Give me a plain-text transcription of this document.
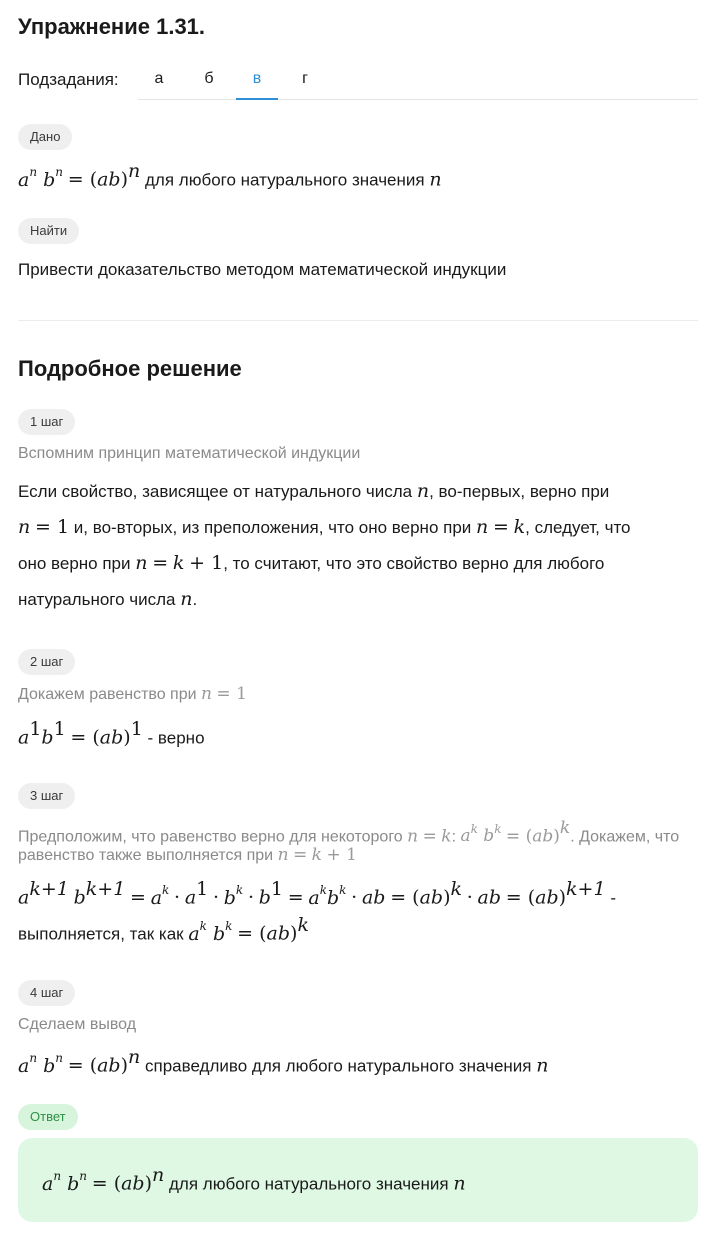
Упражнение 1.31.
Подзадания:	а	б	в	г
Дано
$a^n$ $b^n = (ab)^n$ для любого натурального значения n
Найти
Привести доказательство методом математической индукции
Подробное решение
1 шаг
Вспомним принцип математической индукции
Если свойство, зависящее от натурального числа n, во-первых, верно при
n = 1 и, во-вторых, из преположения, что оно верно при n = k, следует, что
оно верно при n = k + 1, то считают, что это свойство верно для любого
натурального числа n.
2 шаг
Докажем равенство при n = 1
$a^1b^1 = (ab)^1$ - верно
3 шаг
Предположим, что равенство верно для некоторого n = k: $a^k$ $b^k = (ab)^k$. Докажем, что
равенство также выполняется при n = k + 1
$a^{k+1}$ $b^{k+1} = a^k \cdot a^1 \cdot b^k \cdot b^1 = a^kb^k$ · ab = (ab)$^k$ · ab = (ab)$^{k+1}$ -
выполняется, так как $a^k$ $b^k = (ab)^k$
4 шаг
Сделаем вывод
$a^n$ $b^n = (ab)^n$ справедливо для любого натурального значения n
Ответ
$a^n$ $b^n = (ab)^n$ для любого натурального значения n
